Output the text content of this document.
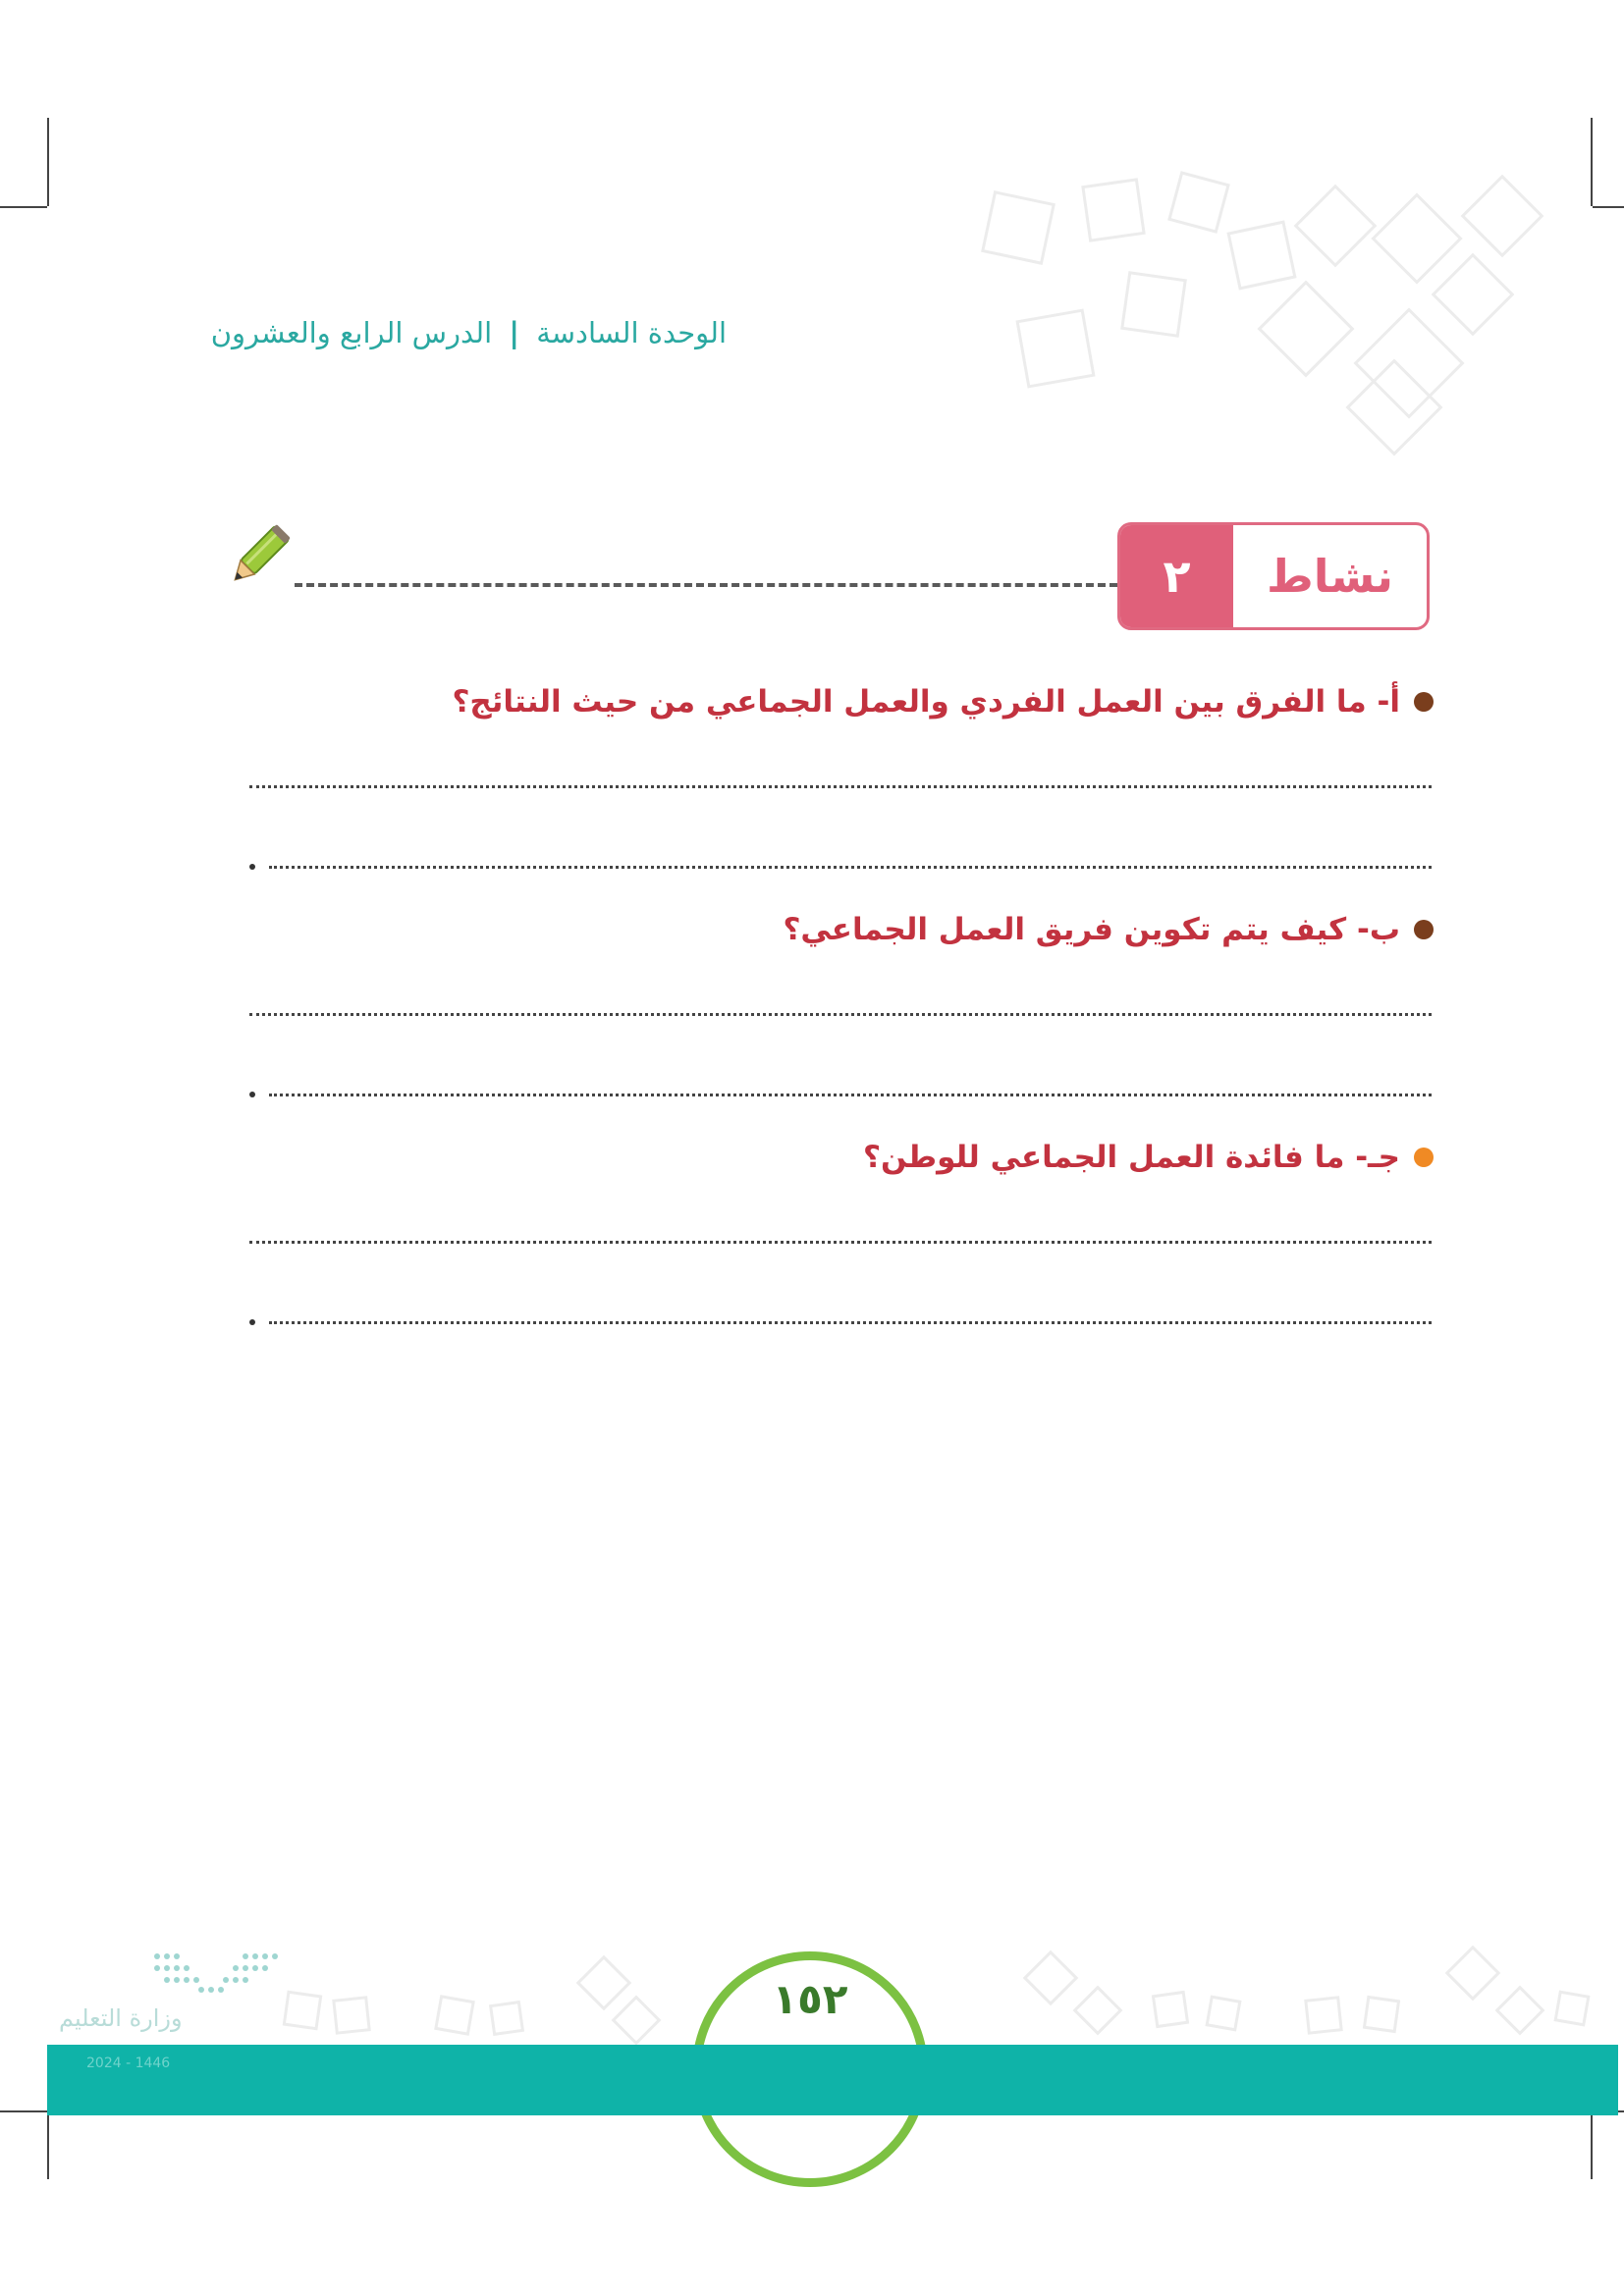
الوحدة السادسة | الدرس الرابع والعشرون
٢	نشاط
أ- ما الفرق بين العمل الفردي والعمل الجماعي من حيث النتائج؟
ب- كيف يتم تكوين فريق العمل الجماعي؟
جـ- ما فائدة العمل الجماعي للوطن؟
١٥٢
وزارة التعليم
2024 - 1446
